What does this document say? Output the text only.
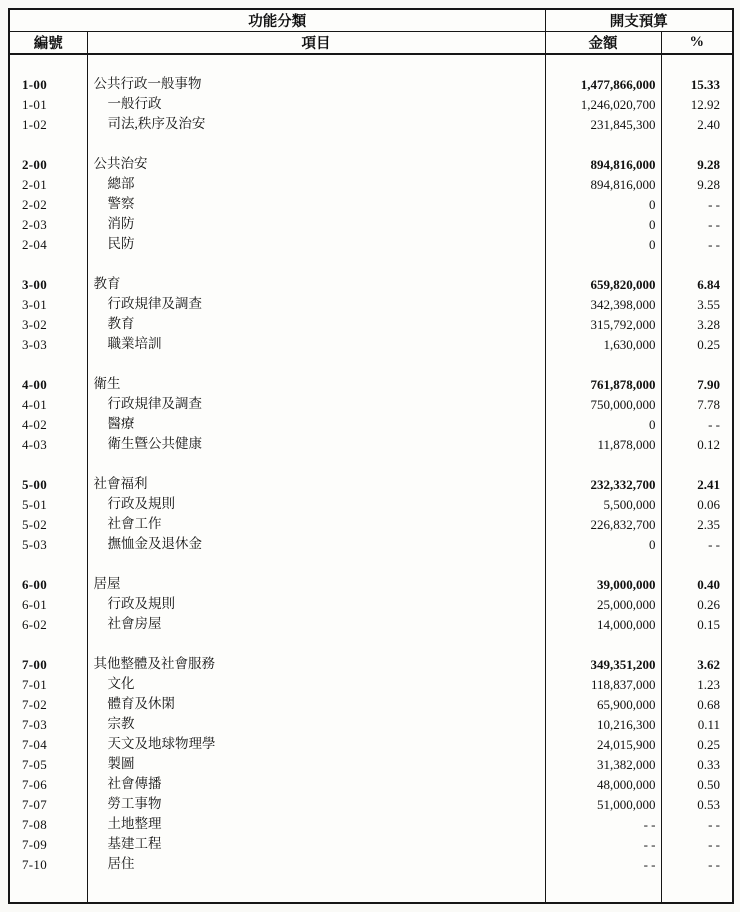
功能分類		開支預算	
編號	項目	金額	%

1-00	公共行政一般事物	1,477,866,000	15.33
1-01	一般行政	1,246,020,700	12.92
1-02	司法,秩序及治安	231,845,300	2.40

2-00	公共治安	894,816,000	9.28
2-01	總部	894,816,000	9.28
2-02	警察	0	- -
2-03	消防	0	- -
2-04	民防	0	- -

3-00	教育	659,820,000	6.84
3-01	行政規律及調查	342,398,000	3.55
3-02	教育	315,792,000	3.28
3-03	職業培訓	1,630,000	0.25

4-00	衛生	761,878,000	7.90
4-01	行政規律及調查	750,000,000	7.78
4-02	醫療	0	- -
4-03	衛生曁公共健康	11,878,000	0.12

5-00	社會福利	232,332,700	2.41
5-01	行政及規則	5,500,000	0.06
5-02	社會工作	226,832,700	2.35
5-03	撫恤金及退休金	0	- -

6-00	居屋	39,000,000	0.40
6-01	行政及規則	25,000,000	0.26
6-02	社會房屋	14,000,000	0.15

7-00	其他整體及社會服務	349,351,200	3.62
7-01	文化	118,837,000	1.23
7-02	體育及休閑	65,900,000	0.68
7-03	宗教	10,216,300	0.11
7-04	天文及地球物理學	24,015,900	0.25
7-05	製圖	31,382,000	0.33
7-06	社會傳播	48,000,000	0.50
7-07	勞工事物	51,000,000	0.53
7-08	土地整理	- -	- -
7-09	基建工程	- -	- -
7-10	居住	- -	- -
